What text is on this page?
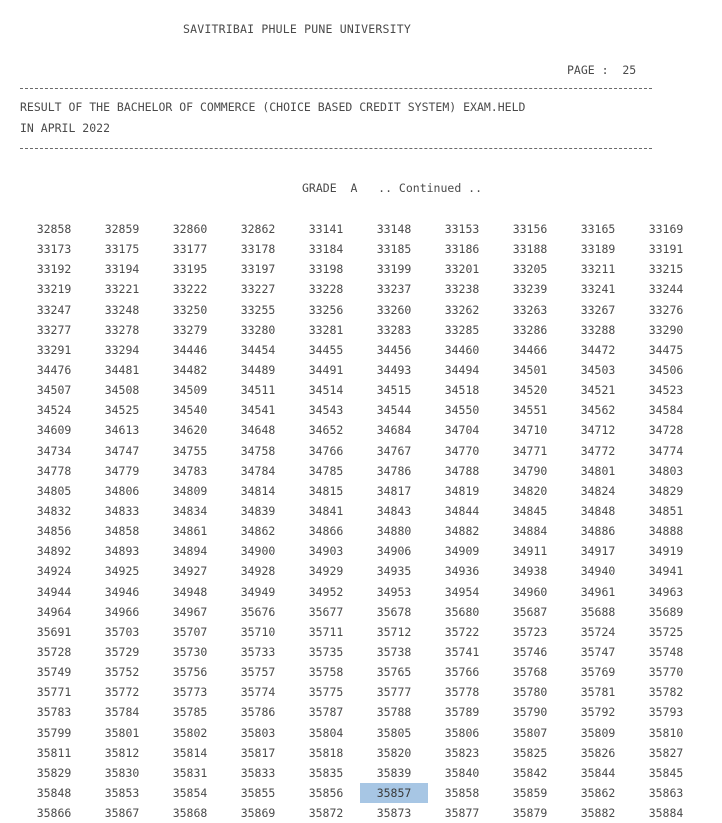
SAVITRIBAI PHULE PUNE UNIVERSITY
PAGE :  25
RESULT OF THE BACHELOR OF COMMERCE (CHOICE BASED CREDIT SYSTEM) EXAM.HELD
IN APRIL 2022
GRADE  A   .. Continued ..
32858	32859	32860	32862	33141	33148	33153	33156	33165	33169
33173	33175	33177	33178	33184	33185	33186	33188	33189	33191
33192	33194	33195	33197	33198	33199	33201	33205	33211	33215
33219	33221	33222	33227	33228	33237	33238	33239	33241	33244
33247	33248	33250	33255	33256	33260	33262	33263	33267	33276
33277	33278	33279	33280	33281	33283	33285	33286	33288	33290
33291	33294	34446	34454	34455	34456	34460	34466	34472	34475
34476	34481	34482	34489	34491	34493	34494	34501	34503	34506
34507	34508	34509	34511	34514	34515	34518	34520	34521	34523
34524	34525	34540	34541	34543	34544	34550	34551	34562	34584
34609	34613	34620	34648	34652	34684	34704	34710	34712	34728
34734	34747	34755	34758	34766	34767	34770	34771	34772	34774
34778	34779	34783	34784	34785	34786	34788	34790	34801	34803
34805	34806	34809	34814	34815	34817	34819	34820	34824	34829
34832	34833	34834	34839	34841	34843	34844	34845	34848	34851
34856	34858	34861	34862	34866	34880	34882	34884	34886	34888
34892	34893	34894	34900	34903	34906	34909	34911	34917	34919
34924	34925	34927	34928	34929	34935	34936	34938	34940	34941
34944	34946	34948	34949	34952	34953	34954	34960	34961	34963
34964	34966	34967	35676	35677	35678	35680	35687	35688	35689
35691	35703	35707	35710	35711	35712	35722	35723	35724	35725
35728	35729	35730	35733	35735	35738	35741	35746	35747	35748
35749	35752	35756	35757	35758	35765	35766	35768	35769	35770
35771	35772	35773	35774	35775	35777	35778	35780	35781	35782
35783	35784	35785	35786	35787	35788	35789	35790	35792	35793
35799	35801	35802	35803	35804	35805	35806	35807	35809	35810
35811	35812	35814	35817	35818	35820	35823	35825	35826	35827
35829	35830	35831	35833	35835	35839	35840	35842	35844	35845
35848	35853	35854	35855	35856	35857	35858	35859	35862	35863
35866	35867	35868	35869	35872	35873	35877	35879	35882	35884
